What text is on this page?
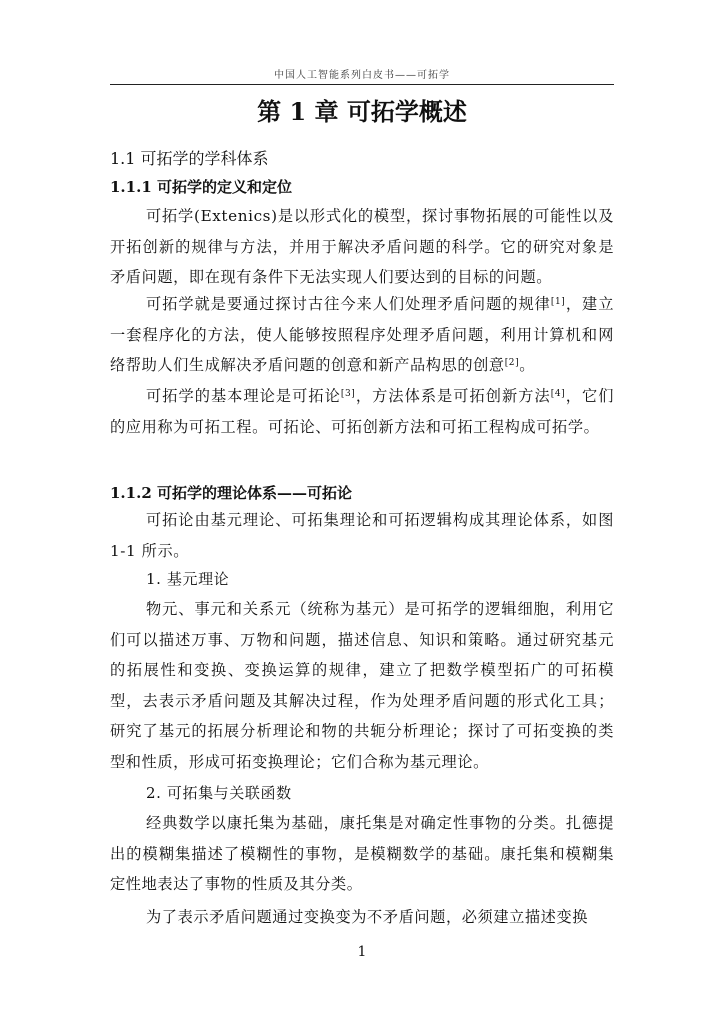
中国人工智能系列白皮书——可拓学
第 1 章 可拓学概述
1.1 可拓学的学科体系
1.1.1 可拓学的定义和定位

可拓学(Extenics)是以形式化的模型，探讨事物拓展的可能性以及开拓创新的规律与方法，并用于解决矛盾问题的科学。它的研究对象是矛盾问题，即在现有条件下无法实现人们要达到的目标的问题。

可拓学就是要通过探讨古往今来人们处理矛盾问题的规律[1]，建立一套程序化的方法，使人能够按照程序处理矛盾问题，利用计算机和网络帮助人们生成解决矛盾问题的创意和新产品构思的创意[2]。

可拓学的基本理论是可拓论[3]，方法体系是可拓创新方法[4]，它们的应用称为可拓工程。可拓论、可拓创新方法和可拓工程构成可拓学。

1.1.2 可拓学的理论体系——可拓论

可拓论由基元理论、可拓集理论和可拓逻辑构成其理论体系，如图 1-1 所示。

1. 基元理论

物元、事元和关系元（统称为基元）是可拓学的逻辑细胞，利用它们可以描述万事、万物和问题，描述信息、知识和策略。通过研究基元的拓展性和变换、变换运算的规律，建立了把数学模型拓广的可拓模型，去表示矛盾问题及其解决过程，作为处理矛盾问题的形式化工具；研究了基元的拓展分析理论和物的共轭分析理论；探讨了可拓变换的类型和性质，形成可拓变换理论；它们合称为基元理论。

2. 可拓集与关联函数

经典数学以康托集为基础，康托集是对确定性事物的分类。扎德提出的模糊集描述了模糊性的事物，是模糊数学的基础。康托集和模糊集定性地表达了事物的性质及其分类。

为了表示矛盾问题通过变换变为不矛盾问题，必须建立描述变换

1
